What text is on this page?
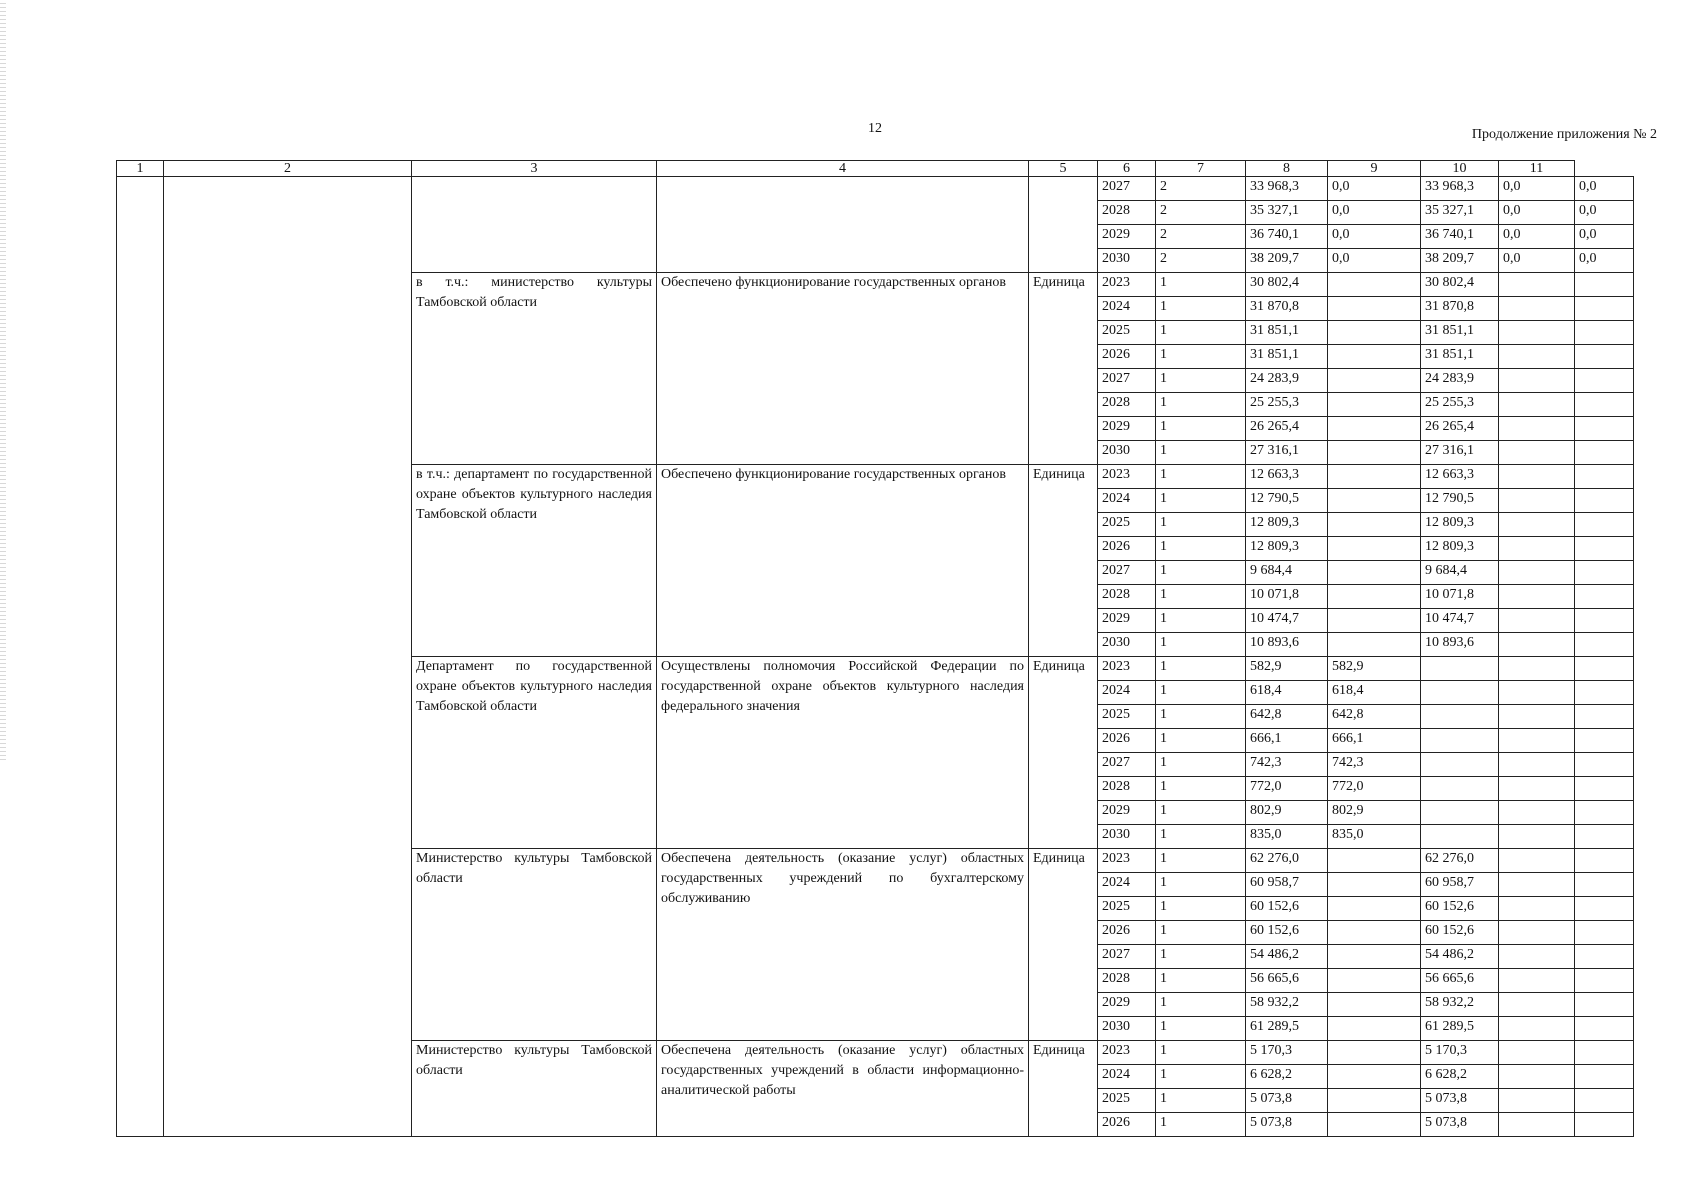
12	Продолжение приложения № 2
1	2	3	4	5	6	7	8	9	10	11	
					2027	2	33 968,3	0,0	33 968,3	0,0	0,0
					2028	2	35 327,1	0,0	35 327,1	0,0	0,0
					2029	2	36 740,1	0,0	36 740,1	0,0	0,0
					2030	2	38 209,7	0,0	38 209,7	0,0	0,0
		в т.ч.: министерство культуры Тамбовской области	Обеспечено функционирование государственных органов	Единица	2023	1	30 802,4		30 802,4		
					2024	1	31 870,8		31 870,8		
					2025	1	31 851,1		31 851,1		
					2026	1	31 851,1		31 851,1		
					2027	1	24 283,9		24 283,9		
					2028	1	25 255,3		25 255,3		
					2029	1	26 265,4		26 265,4		
					2030	1	27 316,1		27 316,1		
		в т.ч.: департамент по государственной охране объектов культурного наследия Тамбовской области	Обеспечено функционирование государственных органов	Единица	2023	1	12 663,3		12 663,3		
					2024	1	12 790,5		12 790,5		
					2025	1	12 809,3		12 809,3		
					2026	1	12 809,3		12 809,3		
					2027	1	9 684,4		9 684,4		
					2028	1	10 071,8		10 071,8		
					2029	1	10 474,7		10 474,7		
					2030	1	10 893,6		10 893,6		
		Департамент по государственной охране объектов культурного наследия Тамбовской области	Осуществлены полномочия Российской Федерации по государственной охране объектов культурного наследия федерального значения	Единица	2023	1	582,9	582,9			
					2024	1	618,4	618,4			
					2025	1	642,8	642,8			
					2026	1	666,1	666,1			
					2027	1	742,3	742,3			
					2028	1	772,0	772,0			
					2029	1	802,9	802,9			
					2030	1	835,0	835,0			
		Министерство культуры Тамбовской области	Обеспечена деятельность (оказание услуг) областных государственных учреждений по бухгалтерскому обслуживанию	Единица	2023	1	62 276,0		62 276,0		
					2024	1	60 958,7		60 958,7		
					2025	1	60 152,6		60 152,6		
					2026	1	60 152,6		60 152,6		
					2027	1	54 486,2		54 486,2		
					2028	1	56 665,6		56 665,6		
					2029	1	58 932,2		58 932,2		
					2030	1	61 289,5		61 289,5		
		Министерство культуры Тамбовской области	Обеспечена деятельность (оказание услуг) областных государственных учреждений в области информационно-аналитической работы	Единица	2023	1	5 170,3		5 170,3		
					2024	1	6 628,2		6 628,2		
					2025	1	5 073,8		5 073,8		
					2026	1	5 073,8		5 073,8		
